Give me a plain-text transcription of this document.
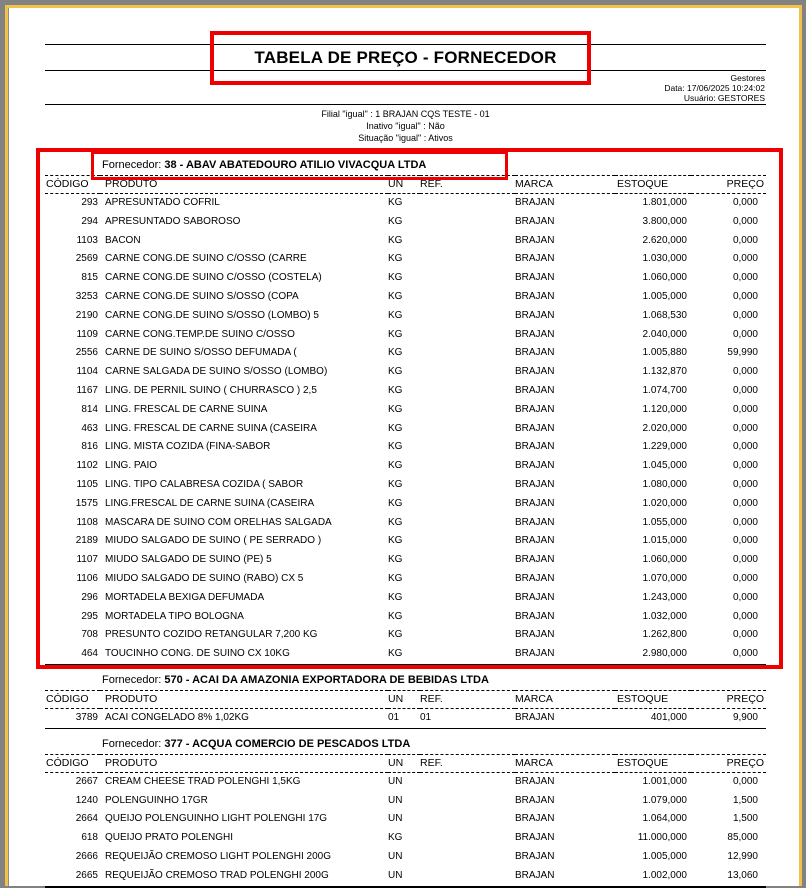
TABELA DE PREÇO - FORNECEDOR
Gestores
Data: 17/06/2025 10:24:02
Usuário: GESTORES
Filial "igual" : 1 BRAJAN CQS TESTE - 01
Inativo "igual" : Não
Situação "igual" : Ativos
Fornecedor: 38 - ABAV ABATEDOURO ATILIO VIVACQUA LTDA
CÓDIGO	PRODUTO	UN	REF.	MARCA	ESTOQUE	PREÇO
293	APRESUNTADO COFRIL	KG		BRAJAN	1.801,000	0,000
294	APRESUNTADO SABOROSO	KG		BRAJAN	3.800,000	0,000
1103	BACON	KG		BRAJAN	2.620,000	0,000
2569	CARNE CONG.DE SUINO C/OSSO (CARRE	KG		BRAJAN	1.030,000	0,000
815	CARNE CONG.DE SUINO C/OSSO (COSTELA)	KG		BRAJAN	1.060,000	0,000
3253	CARNE CONG.DE SUINO S/OSSO (COPA	KG		BRAJAN	1.005,000	0,000
2190	CARNE CONG.DE SUINO S/OSSO (LOMBO) 5	KG		BRAJAN	1.068,530	0,000
1109	CARNE CONG.TEMP.DE SUINO C/OSSO	KG		BRAJAN	2.040,000	0,000
2556	CARNE DE SUINO S/OSSO DEFUMADA (	KG		BRAJAN	1.005,880	59,990
1104	CARNE SALGADA DE SUINO S/OSSO (LOMBO)	KG		BRAJAN	1.132,870	0,000
1167	LING. DE PERNIL SUINO ( CHURRASCO ) 2,5	KG		BRAJAN	1.074,700	0,000
814	LING. FRESCAL DE CARNE SUINA	KG		BRAJAN	1.120,000	0,000
463	LING. FRESCAL DE CARNE SUINA (CASEIRA	KG		BRAJAN	2.020,000	0,000
816	LING. MISTA COZIDA (FINA-SABOR	KG		BRAJAN	1.229,000	0,000
1102	LING. PAIO	KG		BRAJAN	1.045,000	0,000
1105	LING. TIPO CALABRESA COZIDA ( SABOR	KG		BRAJAN	1.080,000	0,000
1575	LING.FRESCAL DE CARNE SUINA (CASEIRA	KG		BRAJAN	1.020,000	0,000
1108	MASCARA DE SUINO COM ORELHAS SALGADA	KG		BRAJAN	1.055,000	0,000
2189	MIUDO SALGADO DE SUINO ( PE SERRADO )	KG		BRAJAN	1.015,000	0,000
1107	MIUDO SALGADO DE SUINO (PE) 5	KG		BRAJAN	1.060,000	0,000
1106	MIUDO SALGADO DE SUINO (RABO) CX 5	KG		BRAJAN	1.070,000	0,000
296	MORTADELA BEXIGA DEFUMADA	KG		BRAJAN	1.243,000	0,000
295	MORTADELA TIPO BOLOGNA	KG		BRAJAN	1.032,000	0,000
708	PRESUNTO COZIDO RETANGULAR 7,200 KG	KG		BRAJAN	1.262,800	0,000
464	TOUCINHO CONG. DE SUINO CX 10KG	KG		BRAJAN	2.980,000	0,000
Fornecedor: 570 - ACAI DA AMAZONIA EXPORTADORA DE BEBIDAS LTDA
CÓDIGO	PRODUTO	UN	REF.	MARCA	ESTOQUE	PREÇO
3789	ACAI CONGELADO 8% 1,02KG	01	01	BRAJAN	401,000	9,900
Fornecedor: 377 - ACQUA COMERCIO DE PESCADOS LTDA
CÓDIGO	PRODUTO	UN	REF.	MARCA	ESTOQUE	PREÇO
2667	CREAM CHEESE TRAD POLENGHI 1,5KG	UN		BRAJAN	1.001,000	0,000
1240	POLENGUINHO 17GR	UN		BRAJAN	1.079,000	1,500
2664	QUEIJO POLENGUINHO LIGHT POLENGHI 17G	UN		BRAJAN	1.064,000	1,500
618	QUEIJO PRATO POLENGHI	KG		BRAJAN	11.000,000	85,000
2666	REQUEIJÃO CREMOSO LIGHT POLENGHI 200G	UN		BRAJAN	1.005,000	12,990
2665	REQUEIJÃO CREMOSO TRAD POLENGHI 200G	UN		BRAJAN	1.002,000	13,060
